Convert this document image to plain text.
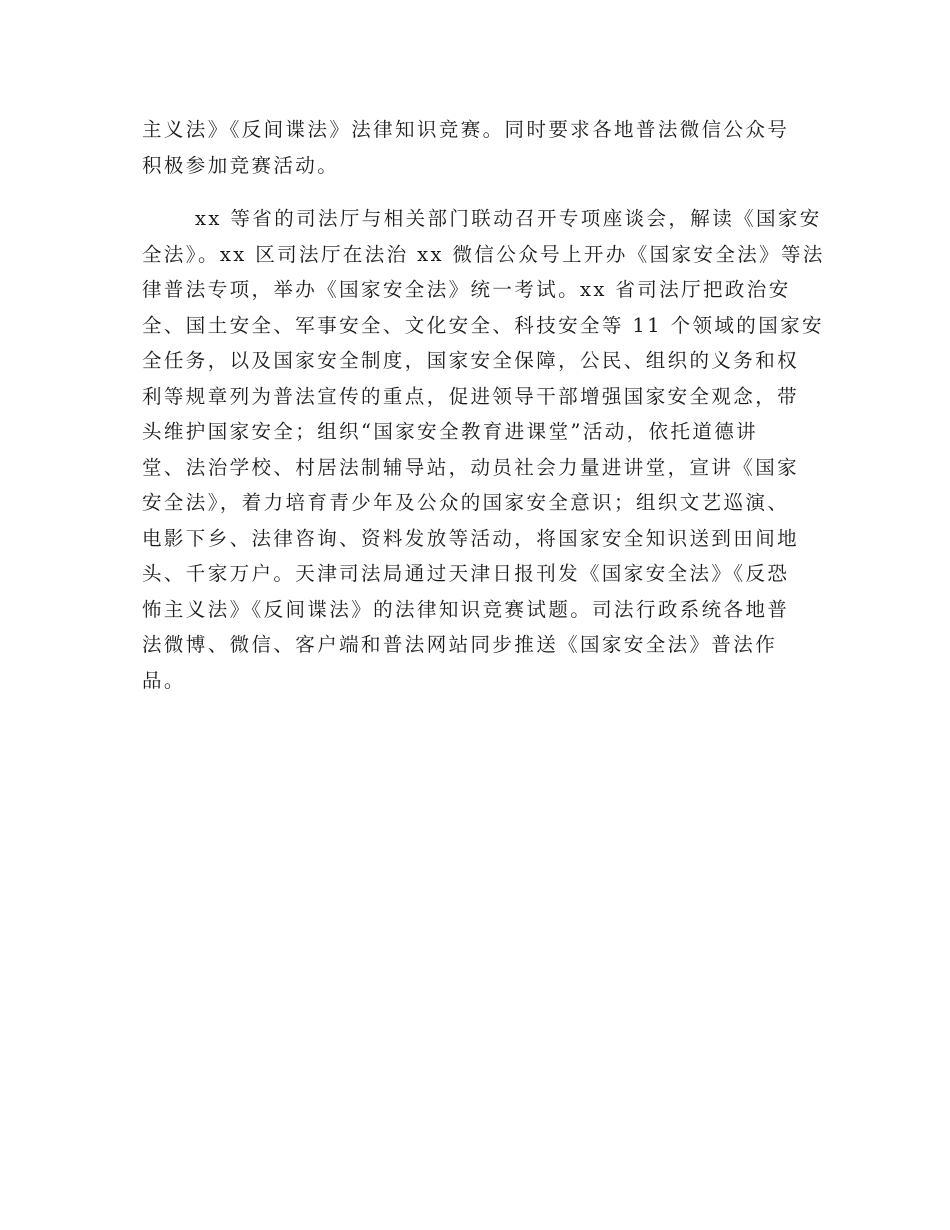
主义法》《反间谍法》法律知识竞赛。同时要求各地普法微信公众号
积极参加竞赛活动。
xx 等省的司法厅与相关部门联动召开专项座谈会，解读《国家安
全法》。xx 区司法厅在法治 xx 微信公众号上开办《国家安全法》等法
律普法专项，举办《国家安全法》统一考试。xx 省司法厅把政治安
全、国土安全、军事安全、文化安全、科技安全等 11 个领域的国家安
全任务，以及国家安全制度，国家安全保障，公民、组织的义务和权
利等规章列为普法宣传的重点，促进领导干部增强国家安全观念，带
头维护国家安全；组织“国家安全教育进课堂”活动，依托道德讲
堂、法治学校、村居法制辅导站，动员社会力量进讲堂，宣讲《国家
安全法》，着力培育青少年及公众的国家安全意识；组织文艺巡演、
电影下乡、法律咨询、资料发放等活动，将国家安全知识送到田间地
头、千家万户。天津司法局通过天津日报刊发《国家安全法》《反恐
怖主义法》《反间谍法》的法律知识竞赛试题。司法行政系统各地普
法微博、微信、客户端和普法网站同步推送《国家安全法》普法作
品。
